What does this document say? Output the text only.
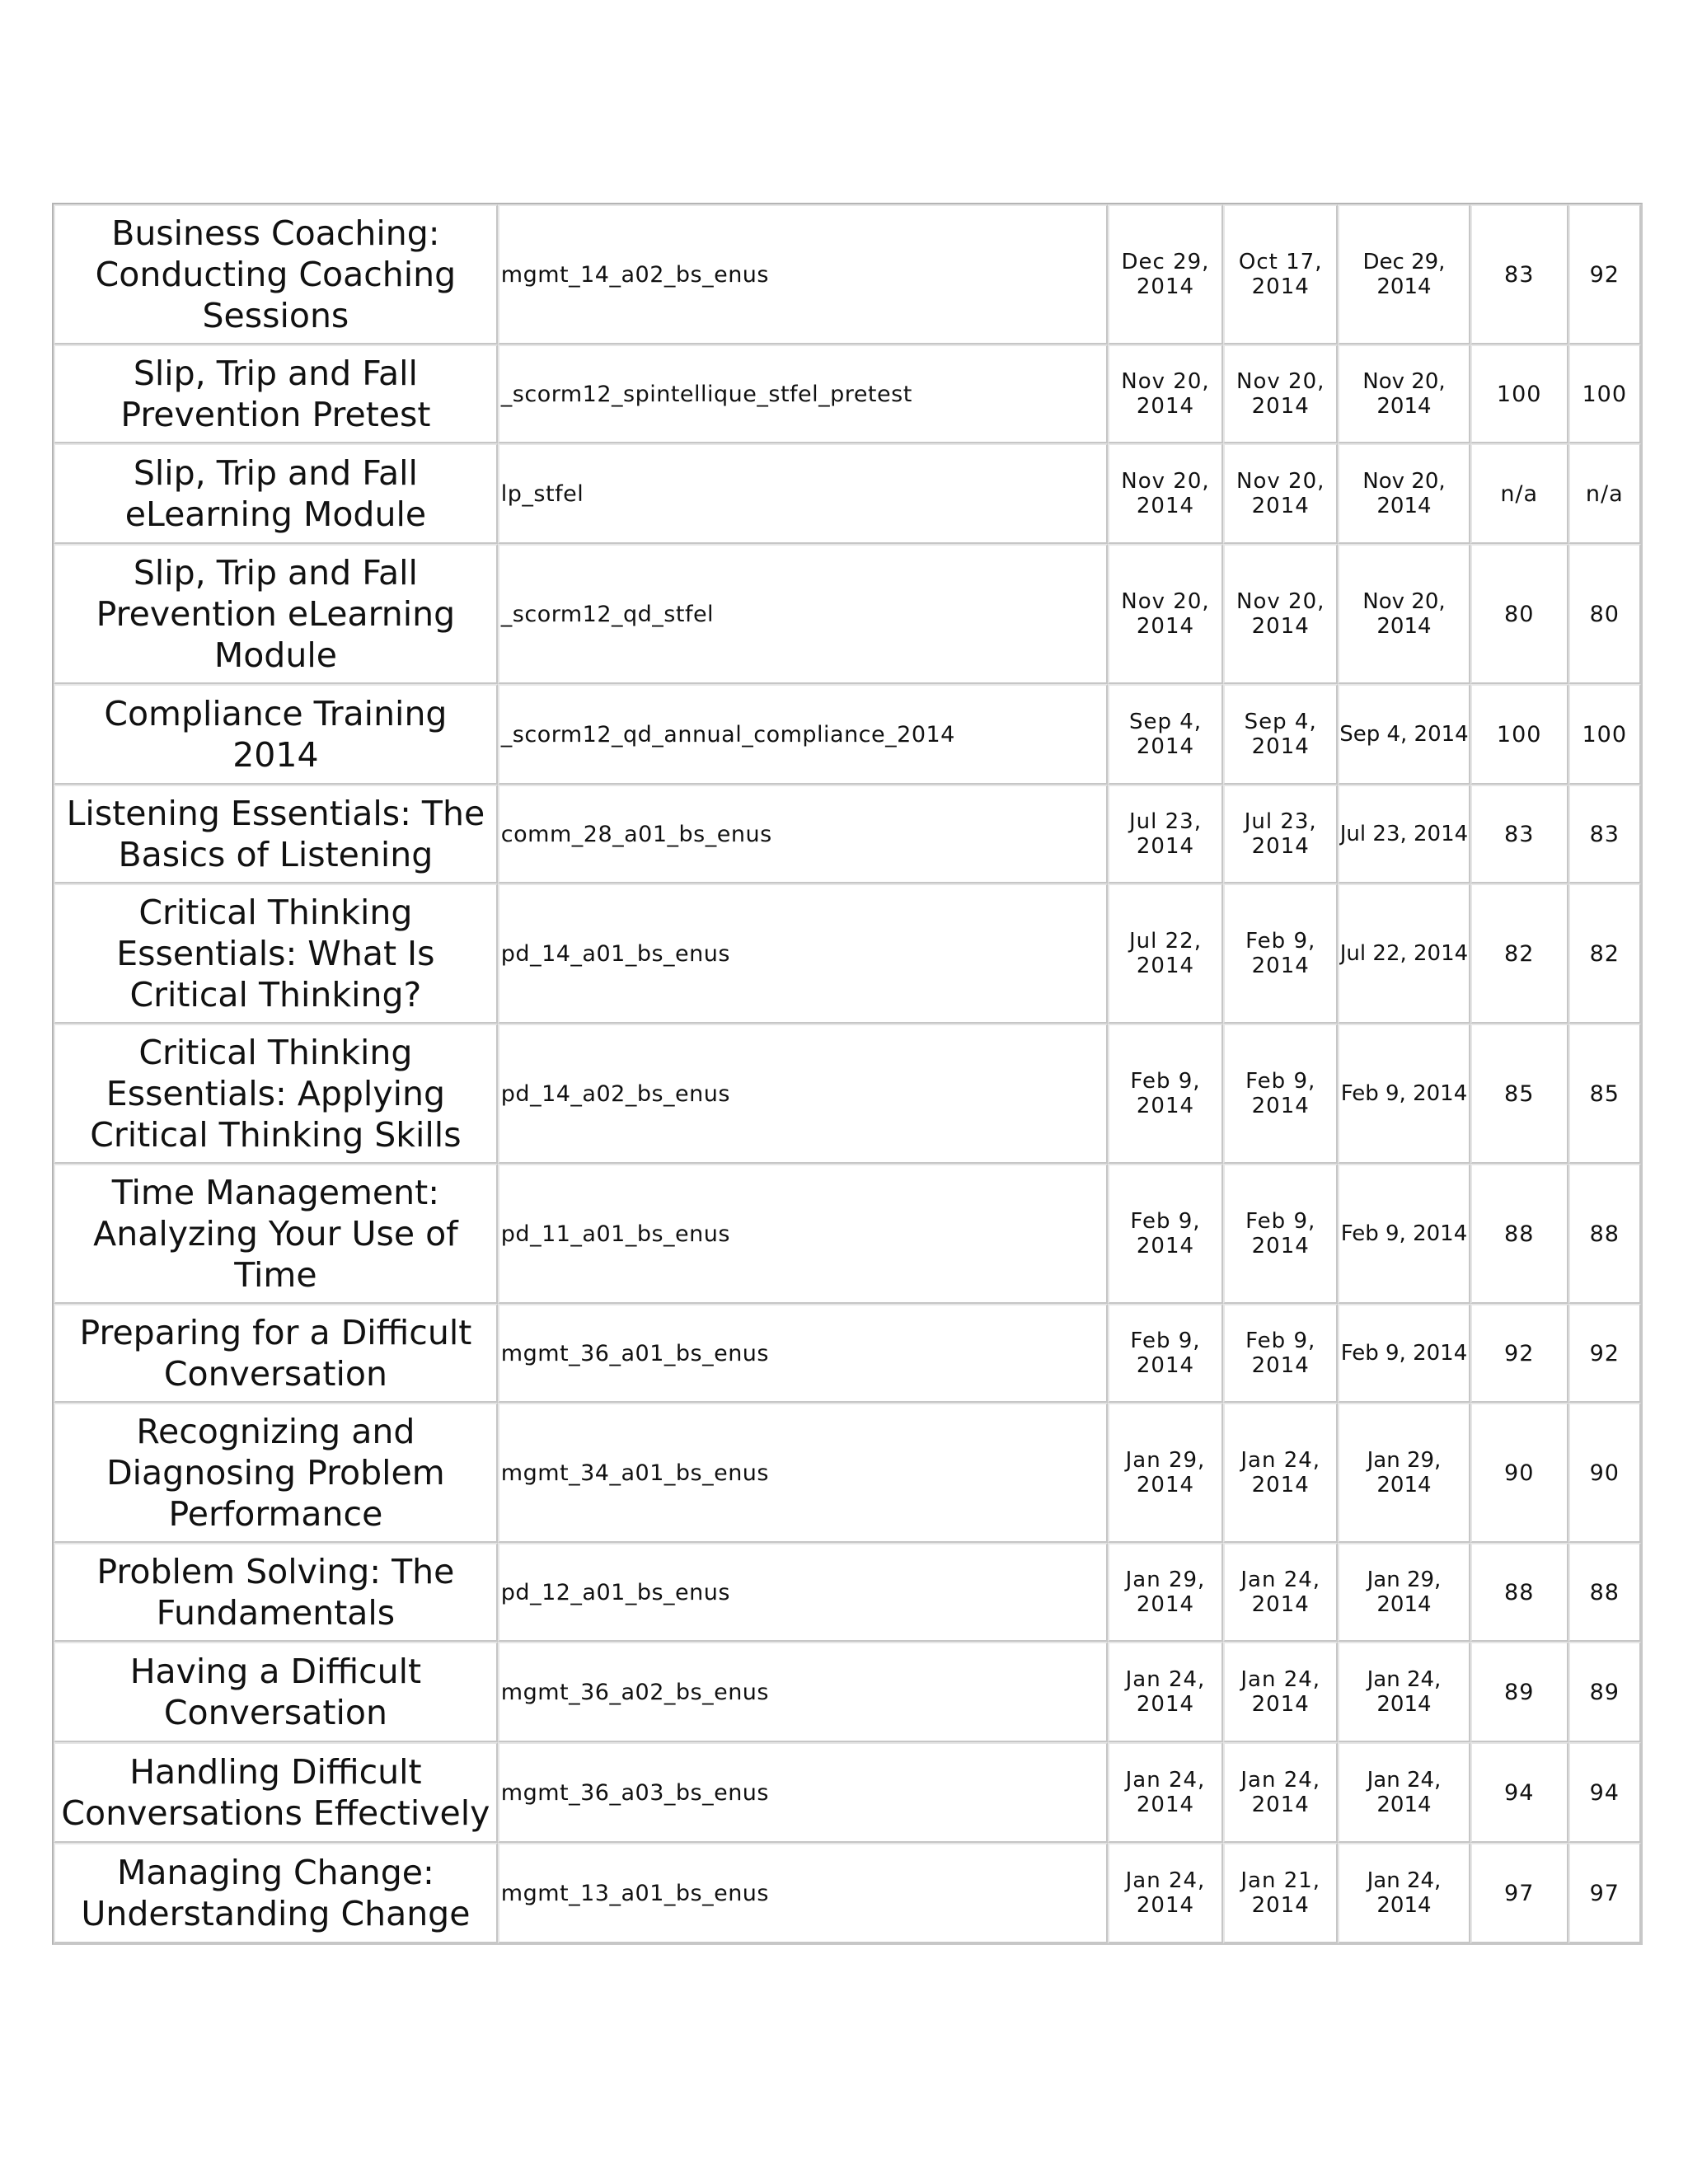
Business Coaching: Conducting Coaching Sessions	mgmt_14_a02_bs_enus	Dec 29, 2014	Oct 17, 2014	Dec 29, 2014	83	92
Slip, Trip and Fall Prevention Pretest	_scorm12_spintellique_stfel_pretest	Nov 20, 2014	Nov 20, 2014	Nov 20, 2014	100	100
Slip, Trip and Fall eLearning Module	lp_stfel	Nov 20, 2014	Nov 20, 2014	Nov 20, 2014	n/a	n/a
Slip, Trip and Fall Prevention eLearning Module	_scorm12_qd_stfel	Nov 20, 2014	Nov 20, 2014	Nov 20, 2014	80	80
Compliance Training 2014	_scorm12_qd_annual_compliance_2014	Sep 4, 2014	Sep 4, 2014	Sep 4, 2014	100	100
Listening Essentials: The Basics of Listening	comm_28_a01_bs_enus	Jul 23, 2014	Jul 23, 2014	Jul 23, 2014	83	83
Critical Thinking Essentials: What Is Critical Thinking?	pd_14_a01_bs_enus	Jul 22, 2014	Feb 9, 2014	Jul 22, 2014	82	82
Critical Thinking Essentials: Applying Critical Thinking Skills	pd_14_a02_bs_enus	Feb 9, 2014	Feb 9, 2014	Feb 9, 2014	85	85
Time Management: Analyzing Your Use of Time	pd_11_a01_bs_enus	Feb 9, 2014	Feb 9, 2014	Feb 9, 2014	88	88
Preparing for a Difficult Conversation	mgmt_36_a01_bs_enus	Feb 9, 2014	Feb 9, 2014	Feb 9, 2014	92	92
Recognizing and Diagnosing Problem Performance	mgmt_34_a01_bs_enus	Jan 29, 2014	Jan 24, 2014	Jan 29, 2014	90	90
Problem Solving: The Fundamentals	pd_12_a01_bs_enus	Jan 29, 2014	Jan 24, 2014	Jan 29, 2014	88	88
Having a Difficult Conversation	mgmt_36_a02_bs_enus	Jan 24, 2014	Jan 24, 2014	Jan 24, 2014	89	89
Handling Difficult Conversations Effectively	mgmt_36_a03_bs_enus	Jan 24, 2014	Jan 24, 2014	Jan 24, 2014	94	94
Managing Change: Understanding Change	mgmt_13_a01_bs_enus	Jan 24, 2014	Jan 21, 2014	Jan 24, 2014	97	97
